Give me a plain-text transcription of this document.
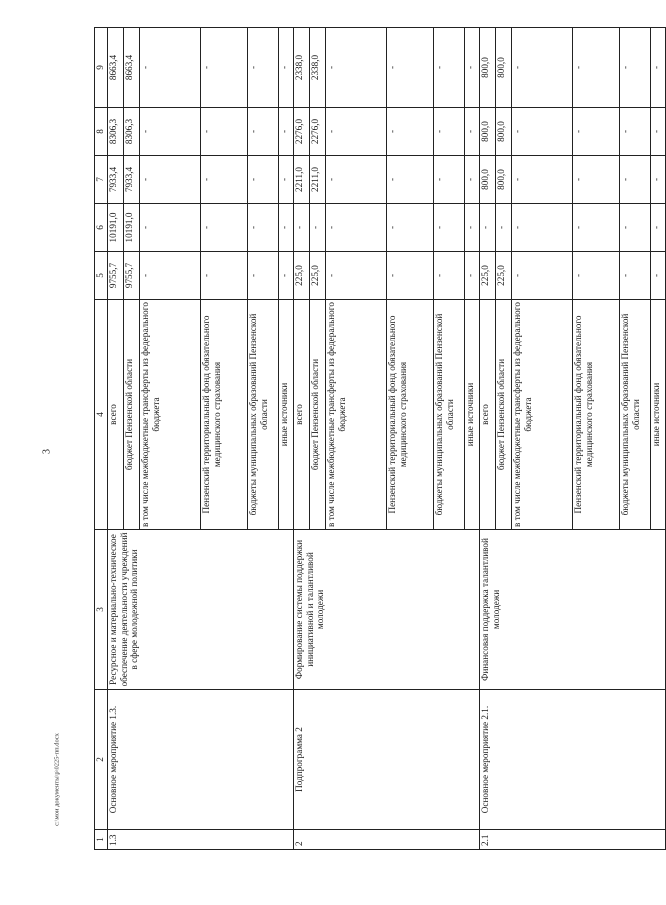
3
c:\мои документы\р\0225-пп.docx
1	2	3	4	5	6	7	8	9
1.3	Основное мероприятие 1.3.	Ресурсное и материально-техническое обеспечение деятельности учреждений в сфере молодежной политики	всего	9755,7	10191,0	7933,4	8306,3	8663,4
			бюджет Пензенской области	9755,7	10191,0	7933,4	8306,3	8663,4
			в том числе межбюджетные трансферты из федерального бюджета	-	-	-	-	-
			Пензенский территориальный фонд обязательного медицинского страхования	-	-	-	-	-
			бюджеты муниципальных образований Пензенской области	-	-	-	-	-
			иные источники	-	-	-	-	-
2	Подпрограмма 2	Формирование системы поддержки инициативной и талантливой молодежи	всего	225,0	-	2211,0	2276,0	2338,0
			бюджет Пензенской области	225,0	-	2211,0	2276,0	2338,0
			в том числе межбюджетные трансферты из федерального бюджета	-	-	-	-	-
			Пензенский территориальный фонд обязательного медицинского страхования	-	-	-	-	-
			бюджеты муниципальных образований Пензенской области	-	-	-	-	-
			иные источники	-	-	-	-	-
2.1	Основное мероприятие 2.1.	Финансовая поддержка талантливой молодежи	всего	225,0	-	800,0	800,0	800,0
			бюджет Пензенской области	225,0	-	800,0	800,0	800,0
			в том числе межбюджетные трансферты из федерального бюджета	-	-	-	-	-
			Пензенский территориальный фонд обязательного медицинского страхования	-	-	-	-	-
			бюджеты муниципальных образований Пензенской области	-	-	-	-	-
			иные источники	-	-	-	-	-
